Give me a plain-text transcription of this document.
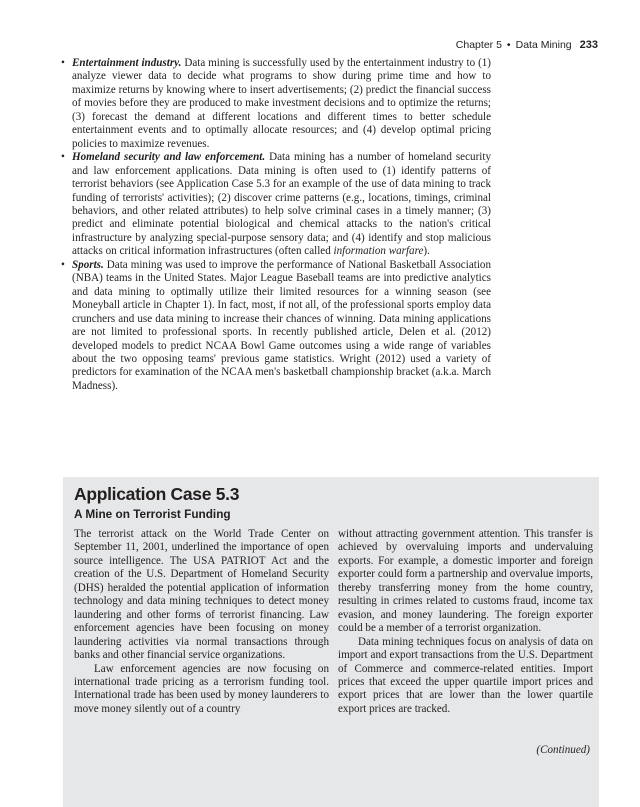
Chapter 5 • Data Mining 233
• Entertainment industry. Data mining is successfully used by the entertainment industry to (1) analyze viewer data to decide what programs to show during prime time and how to maximize returns by knowing where to insert advertisements; (2) predict the financial success of movies before they are produced to make investment decisions and to optimize the returns; (3) forecast the demand at different locations and different times to better schedule entertainment events and to optimally allocate resources; and (4) develop optimal pricing policies to maximize revenues.
• Homeland security and law enforcement. Data mining has a number of homeland security and law enforcement applications. Data mining is often used to (1) identify patterns of terrorist behaviors (see Application Case 5.3 for an example of the use of data mining to track funding of terrorists' activities); (2) discover crime patterns (e.g., locations, timings, criminal behaviors, and other related attributes) to help solve criminal cases in a timely manner; (3) predict and eliminate potential biological and chemical attacks to the nation's critical infrastructure by analyzing special-purpose sensory data; and (4) identify and stop malicious attacks on critical information infrastructures (often called information warfare).
• Sports. Data mining was used to improve the performance of National Basketball Association (NBA) teams in the United States. Major League Baseball teams are into predictive analytics and data mining to optimally utilize their limited resources for a winning season (see Moneyball article in Chapter 1). In fact, most, if not all, of the professional sports employ data crunchers and use data mining to increase their chances of winning. Data mining applications are not limited to professional sports. In recently published article, Delen et al. (2012) developed models to predict NCAA Bowl Game outcomes using a wide range of variables about the two opposing teams' previous game statistics. Wright (2012) used a variety of predictors for examination of the NCAA men's basketball championship bracket (a.k.a. March Madness).
Application Case 5.3
A Mine on Terrorist Funding

The terrorist attack on the World Trade Center on September 11, 2001, underlined the importance of open source intelligence. The USA PATRIOT Act and the creation of the U.S. Department of Homeland Security (DHS) heralded the potential application of information technology and data mining techniques to detect money laundering and other forms of terrorist financing. Law enforcement agencies have been focusing on money laundering activities via normal transactions through banks and other financial service organizations.

Law enforcement agencies are now focusing on international trade pricing as a terrorism funding tool. International trade has been used by money launderers to move money silently out of a country

without attracting government attention. This transfer is achieved by overvaluing imports and undervaluing exports. For example, a domestic importer and foreign exporter could form a partnership and overvalue imports, thereby transferring money from the home country, resulting in crimes related to customs fraud, income tax evasion, and money laundering. The foreign exporter could be a member of a terrorist organization.

Data mining techniques focus on analysis of data on import and export transactions from the U.S. Department of Commerce and commerce-related entities. Import prices that exceed the upper quartile import prices and export prices that are lower than the lower quartile export prices are tracked.

(Continued)
